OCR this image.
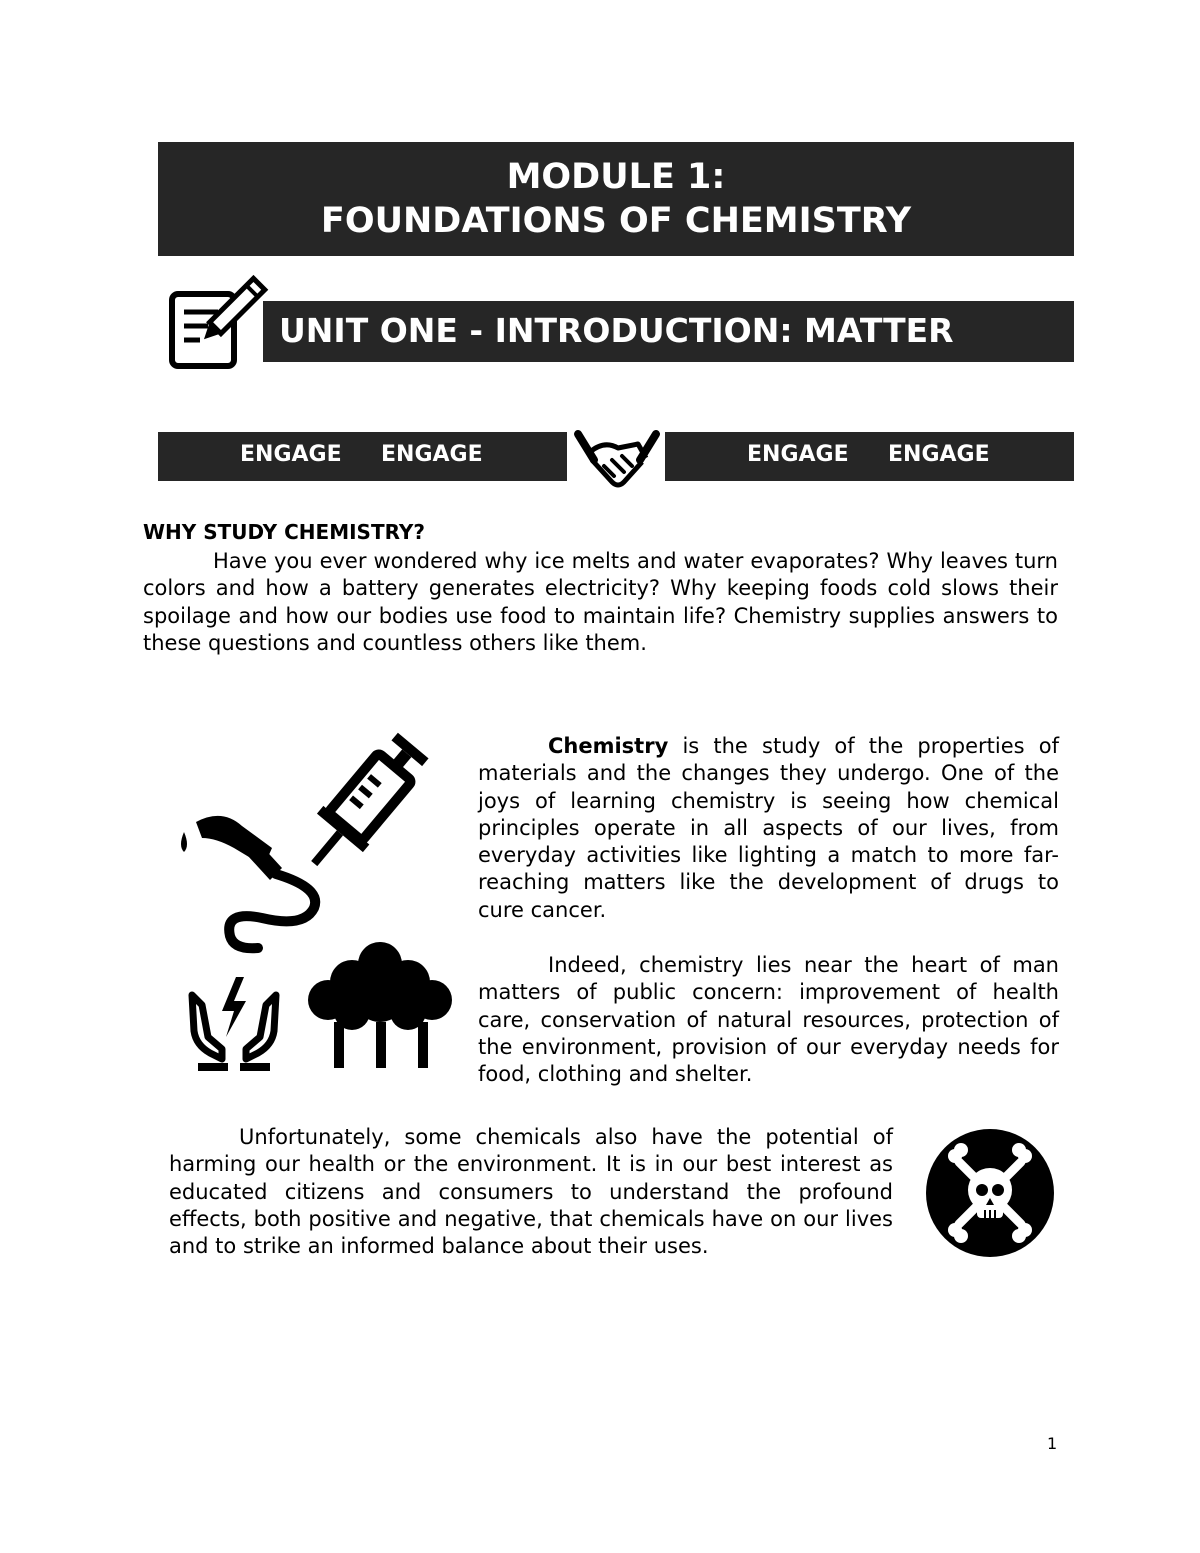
MODULE 1:
FOUNDATIONS OF CHEMISTRY
UNIT ONE - INTRODUCTION: MATTER
ENGAGE ENGAGE	ENGAGE ENGAGE
WHY STUDY CHEMISTRY?
Have you ever wondered why ice melts and water evaporates? Why leaves turn colors and how a battery generates electricity? Why keeping foods cold slows their spoilage and how our bodies use food to maintain life? Chemistry supplies answers to these questions and countless others like them.
Chemistry is the study of the properties of materials and the changes they undergo. One of the joys of learning chemistry is seeing how chemical principles operate in all aspects of our lives, from everyday activities like lighting a match to more far-reaching matters like the development of drugs to cure cancer.
Indeed, chemistry lies near the heart of man matters of public concern: improvement of health care, conservation of natural resources, protection of the environment, provision of our everyday needs for food, clothing and shelter.
Unfortunately, some chemicals also have the potential of harming our health or the environment. It is in our best interest as educated citizens and consumers to understand the profound effects, both positive and negative, that chemicals have on our lives and to strike an informed balance about their uses.
1
